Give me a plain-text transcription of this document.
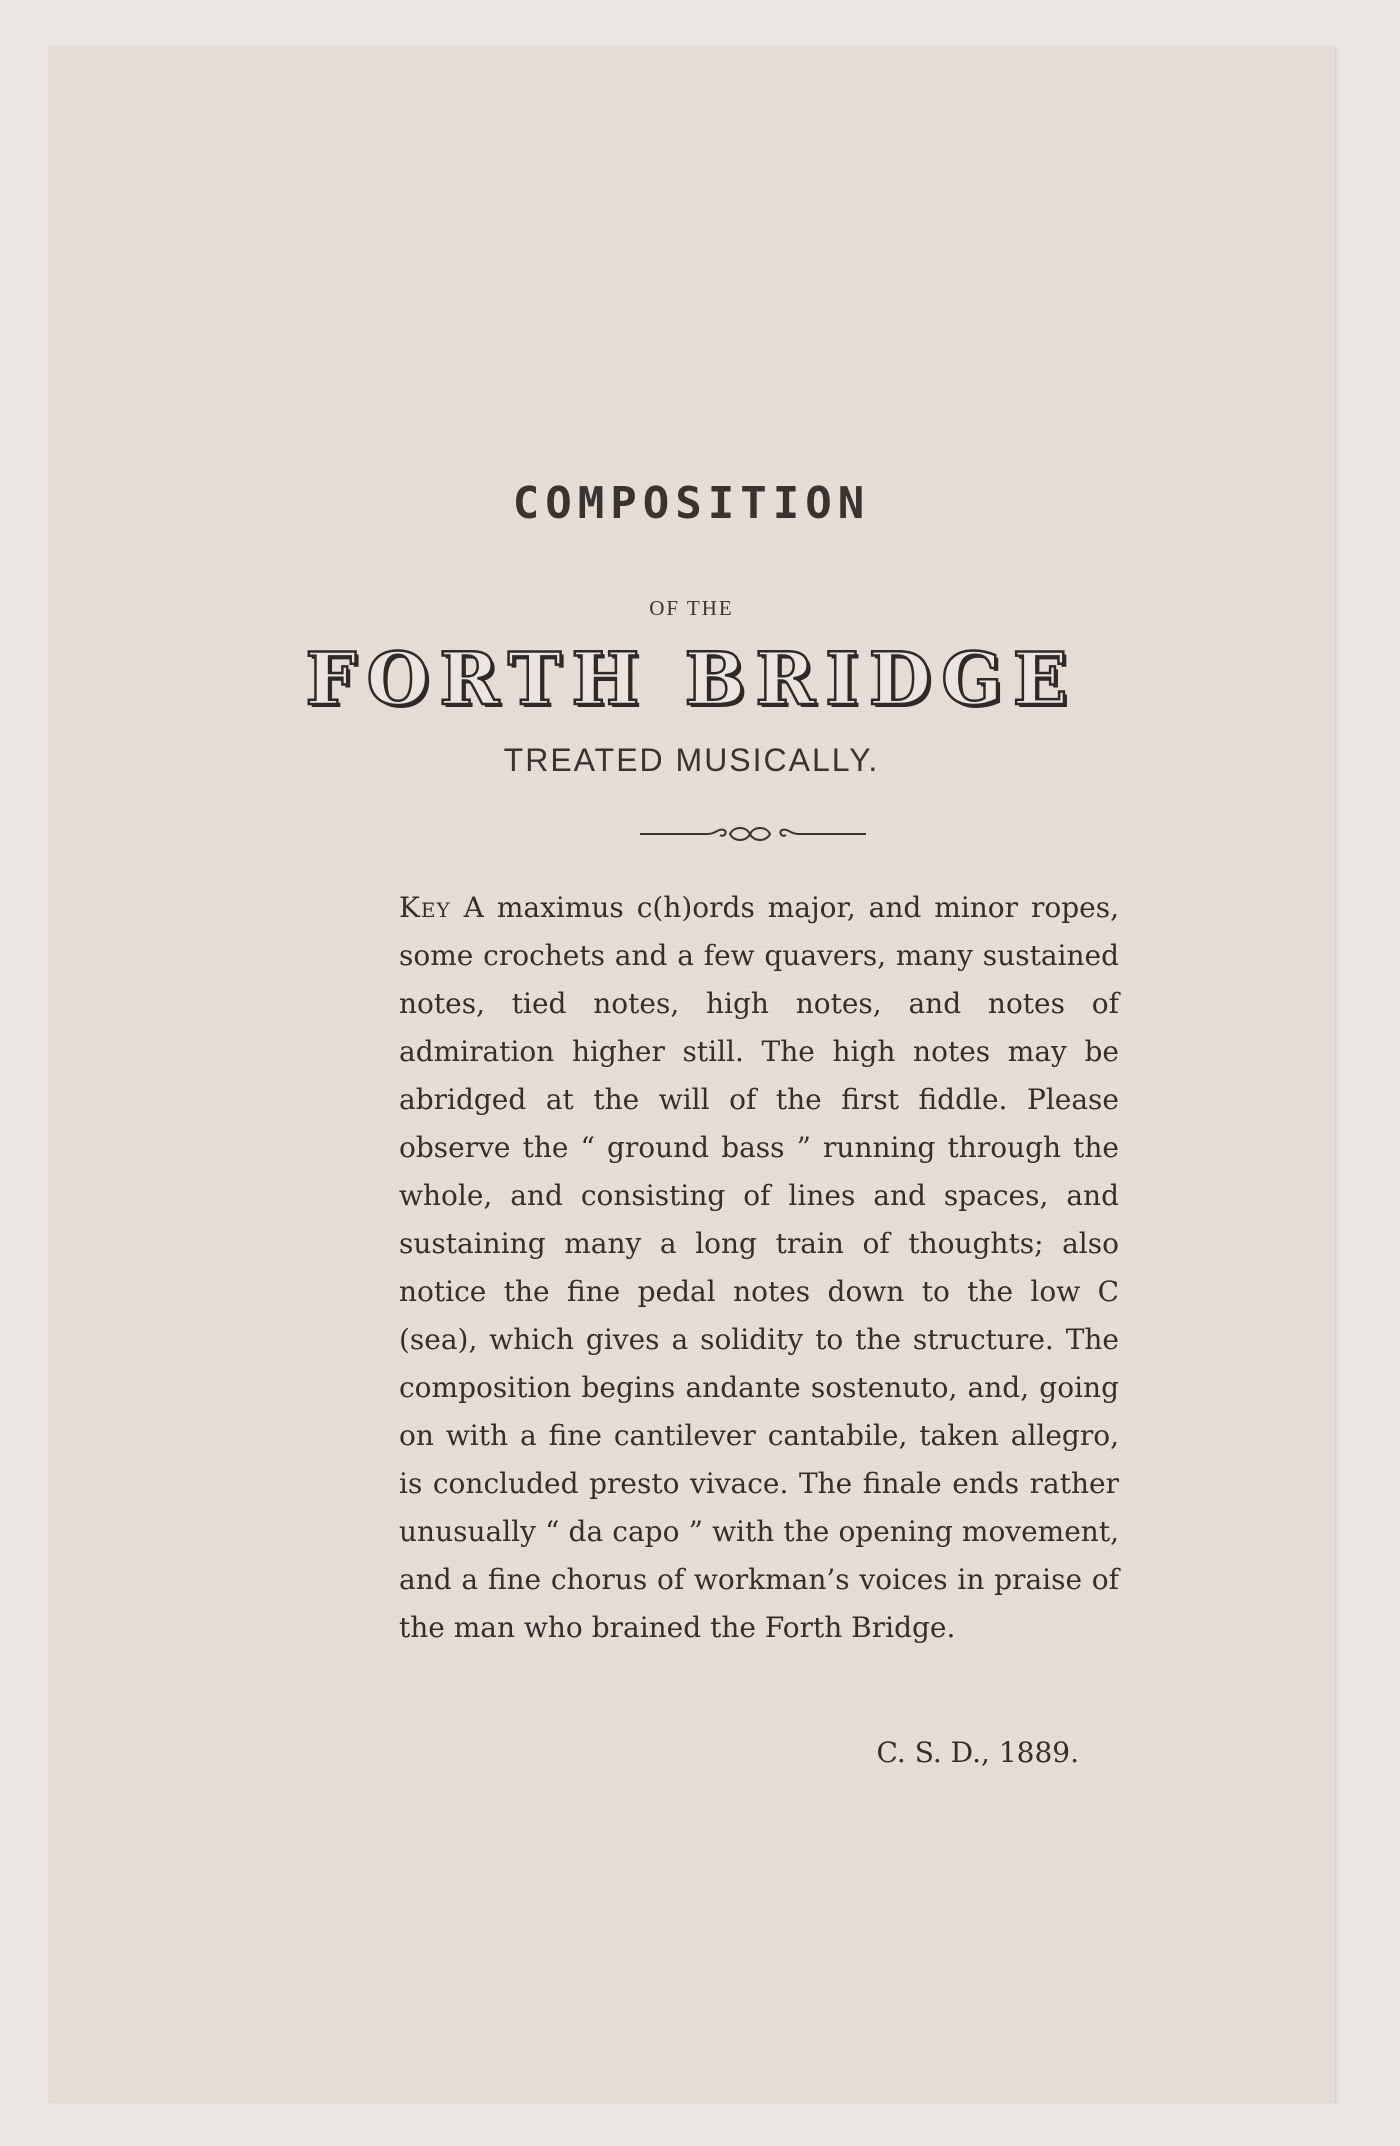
COMPOSITION
OF THE
FORTH BRIDGE
TREATED MUSICALLY.
Key A maximus c(h)ords major, and minor ropes, some crochets and a few quavers, many sustained notes, tied notes, high notes, and notes of admiration higher still. The high notes may be abridged at the will of the first fiddle. Please observe the “ ground bass ” running through the whole, and consisting of lines and spaces, and sustaining many a long train of thoughts; also notice the fine pedal notes down to the low C (sea), which gives a solidity to the structure. The composition begins andante sostenuto, and, going on with a fine cantilever cantabile, taken allegro, is concluded presto vivace. The finale ends rather unusually “ da capo ” with the opening movement, and a fine chorus of workman’s voices in praise of the man who brained the Forth Bridge.
C. S. D., 1889.
